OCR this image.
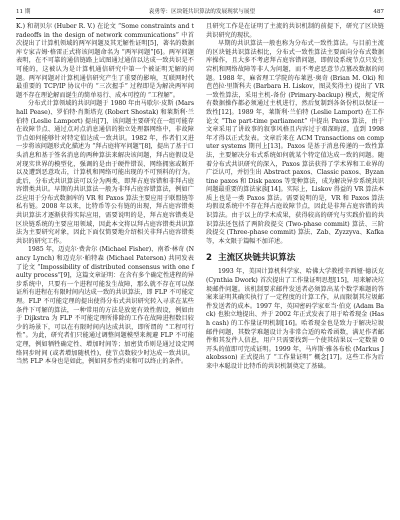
11 期	袁勇等：区块链共识算法的发展现状与展望	487

K.) 和胡贝尔 (Huber R. V.) 在论文 “Some constraints and tradeoffs in the design of network communications” 中首次提出了计算机领域的两军问题及其无解性证明[5]，著名的数据库专家吉姆·格雷正式将该问题命名为 “两军问题”[6]。两军问题表明，在不可靠的通信链路上试图通过通信以达成一致共识是不可能的，这被认为是计算机通信研究中第一个被证明无解的问题。两军问题对计算机通信研究产生了重要的影响，互联网时代最重要的 TCP/IP 协议中的 “三次握手” 过程即是为解决两军问题不存在理论解而诞生的简单易行、成本可控的 “工程解”。

分布式计算领域的共识问题于 1980 年由马歇尔·皮斯 (Marshall Pease)、罗伯特·肖斯塔克 (Robert Shostak) 和莱斯利·兰伯特 (Leslie Lamport) 提出[7]，该问题主要研究在一组可能存在故障节点、通过点对点消息通信的独立处理器网络中，非故障节点如何能够针对特定值达成一致共识。1982 年，作者们又进一步将该问题形式化描述为 “拜占庭将军问题”[8]，提出了基于口头消息和基于签名消息的两种算法来解决该问题，拜占庭假设是对现实世界的模型化，强调的是由于硬件错误、网络拥塞或断开以及遭到恶意攻击，计算机和网络可能出现的不可预料的行为。此后，分布式共识算法可以分为两类，即拜占庭容错和非拜占庭容错类共识。早期的共识算法一般为非拜占庭容错算法，例如广泛应用于分布式数据库的 VR 和 Paxos 算法主要应用于联盟链等私有链。2008 年以来，比特币等公有链的出现，拜占庭容错类共识算法才逐渐获得实际应用，需要说明的是，拜占庭容错类是区块链系统的主要应用领域，因此本文将以拜占庭容错类共识算法为主要研究对象，因此下面仅简要地介绍相关非拜占庭容错类共识的研究工作。

1985 年，迈克尔·费舍尔 (Michael Fisher)、南希·林奇 (Nancy Lynch) 和迈克尔·帕特森 (Michael Paterson) 共同发表了论文 “Impossibility of distributed consensus with one faulty process”[9]，这篇文章证明：在含有多个确定性进程的异步系统中，只要有一个进程可能发生故障，那么就不存在可以保证所有进程在有限时间内达成一致的共识算法，即 FLP 不可能定理。FLP 不可能定理的提出使得分布式共识研究转入寻求在某些条件下可解的算法，一种常用的方法是放宽有效性假设，例如由于 Dijkstra 为 FLP 不可能定理所排除的工作在故障进程数目较少的场景下，可以在有限时间内达成共识，即所谓的 “工程可行性”。为此，研究者们只能通过调整问题模型来规避 FLP 不可能定理，例如牺牲确定性、增加时间等；加密货币则是通过设定网络同步时间 (或者增加随机性)，使节点数较少时达成一致共识。当然 FLP 本身也是如此，例如同步性约束和可以终止的条件。

且研究工作是在证明了主流的共识机制的前提下，研究了区块链共识研究的现状。

早期的共识算法一般也称为分布式一致性算法。与目前主流的区块链共识算法相比，分布式一致性算法主要面向分布式数据库操作，且大多不考虑拜占庭容错问题，即假设系统节点只发生宕机和网络故障等非人为问题，而不考虑恶意节点篡改数据的问题。1988 年，麻省理工学院的布莱恩·奥奇 (Brian M. Oki) 和芭芭拉·里斯科夫 (Barbara H. Liskov，图灵奖得主) 提出了 VR 一致性算法，采用主机-备份 (Primary-backup) 模式，规定所有数据操作都必须通过主机进行，然后复制到各备份机以保证一致性[12]。1989 年，莱斯利·兰伯特 (Leslie Lamport) 在工作论文 “The part-time parliament” 中提出 Paxos 算法，由于文章采用了讲故事的叙事风格且内容过于艰深晦涩，直到 1998 年才得以正式发表。文章后来在 ACM Transactions on computer systems 期刊上[13]。Paxos 是基于消息传递的一致性算法，主要解决分布式系统如何就某个特定值达成一致的问题。随着分布式共识研究的深入，Paxos 算法获得了学术界和工业界的广泛认可，并衍生出 Abstract paxos、Classic paxos、Byzantine paxos 和 Disk paxos 等变种算法，成为解决异步系统共识问题最重要的算法家族[14]。实际上，Liskov 得益的 VR 算法本质上也是一类 Paxos 算法。需要说明的是，VR 和 Paxos 算法均假设系统中不存在拜占庭故障节点，因此是非拜占庭容错的共识算法。由于以上的学术成果，获得较高的研究与实践价值的共识算法还包括了两阶段提交 (Two-phase commit) 算法、三阶段提交 (Three-phase commit) 算法、Zab、Zyzzyva、Kafka 等，本文限于篇幅不加详述。

2 主流区块链共识算法

1993 年，美国计算机科学家、哈佛大学教授辛西娅·德沃克 (Cynthia Dwork) 首次提出了工作量证明思想[15]，用来解决垃圾邮件问题。该机制要求邮件发送者必须算出某个数学难题的答案来证明其确实执行了一定程度的计算工作，从而限制其垃圾邮件发送者的成本。1997 年，英国密码学家亚当·伯克 (Adam Back) 也独立地提出、并于 2002 年正式发表了用于哈希现金 (Hash cash) 的工作量证明机制[16]。哈希现金也是致力于解决垃圾邮件问题，其数学难题设计为非常合适的哈希函数，满足作者邮件和其发件人信息，用户只需要找到一个使其结果以一定数量 0 开头的值即可完成证明。1999 年，马库斯·雅各布松 (Markus Jakobsson) 正式提出了 “工作量证明” 概念[17]。这些工作为后来中本聪设计比特币的共识机制奠定了基础。
